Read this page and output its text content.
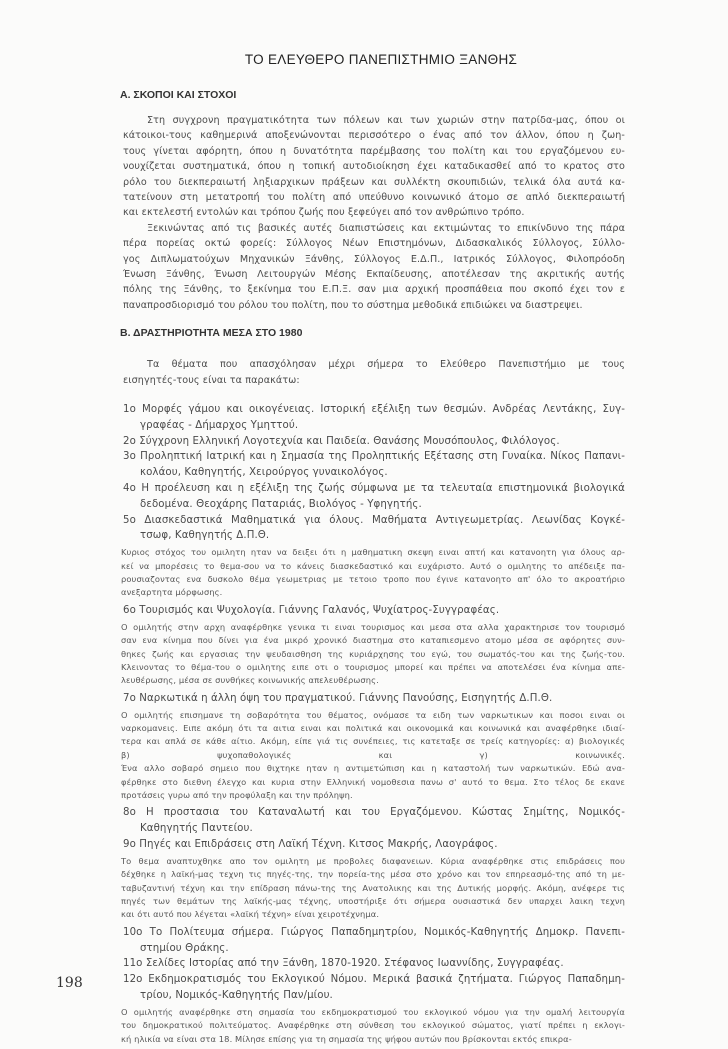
ΤΟ ΕΛΕΥΘΕΡΟ ΠΑΝΕΠΙΣΤΗΜΙΟ ΞΑΝΘΗΣ
Α. ΣΚΟΠΟΙ ΚΑΙ ΣΤΟΧΟΙ
Στη συγχρονη πραγματικότητα των πόλεων και των χωριών στην πατρίδα-μας, όπου οι
κάτοικοι-τους καθημερινά αποξενώνονται περισσότερο ο ένας από τον άλλον, όπου η ζωη-
τους γίνεται αφόρητη, όπου η δυνατότητα παρέμβασης του πολίτη και του εργαζόμενου ευ-
νουχίζεται συστηματικά, όπου η τοπική αυτοδιοίκηση έχει καταδικασθεί από το κρατος στο
ρόλο του διεκπεραιωτή ληξιαρχικων πράξεων και συλλέκτη σκουπιδιών, τελικά όλα αυτά κα-
τατείνουν στη μετατροπή του πολίτη από υπεύθυνο κοινωνικό άτομο σε απλό διεκπεραιωτή
και εκτελεστή εντολών και τρόπου ζωής που ξεφεύγει από τον ανθρώπινο τρόπο.
Ξεκινώντας από τις βασικές αυτές διαπιστώσεις και εκτιμώντας το επικίνδυνο της πάρα
πέρα πορείας οκτώ φορείς: Σύλλογος Νέων Επιστημόνων, Διδασκαλικός Σύλλογος, Σύλλο-
γος Διπλωματούχων Μηχανικών Ξάνθης, Σύλλογος Ε.Δ.Π., Ιατρικός Σύλλογος, Φιλοπρόοδη
Ένωση Ξάνθης, Ένωση Λειτουργών Μέσης Εκπαίδευσης, αποτέλεσαν της ακριτικής αυτής
πόλης της Ξάνθης, το ξεκίνημα του Ε.Π.Ξ. σαν μια αρχική προσπάθεια που σκοπό έχει τον ε
παναπροσδιορισμό του ρόλου του πολίτη, που το σύστημα μεθοδικά επιδιώκει να διαστρεψει.
Β. ΔΡΑΣΤΗΡΙΟΤΗΤΑ ΜΕΣΑ ΣΤΟ 1980
Τα θέματα που απασχόλησαν μέχρι σήμερα το Ελεύθερο Πανεπιστήμιο με τους
εισηγητές-τους είναι τα παρακάτω:
1ο Μορφές γάμου και οικογένειας. Ιστορική εξέλιξη των θεσμών. Ανδρέας Λεντάκης, Συγ-
γραφέας - Δήμαρχος Υμηττού.
2ο Σύγχρονη Ελληνική Λογοτεχνία και Παιδεία. Θανάσης Μουσόπουλος, Φιλόλογος.
3ο Προληπτική Ιατρική και η Σημασία της Προληπτικής Εξέτασης στη Γυναίκα. Νίκος Παπανι-
κολάου, Καθηγητής, Χειρούργος γυναικολόγος.
4ο Η προέλευση και η εξέλιξη της ζωής σύμφωνα με τα τελευταία επιστημονικά βιολογικά
δεδομένα. Θεοχάρης Παταριάς, Βιολόγος - Υφηγητής.
5ο Διασκεδαστικά Μαθηματικά για όλους. Μαθήματα Αντιγεωμετρίας. Λεωνίδας Κογκέ-
τσωφ, Καθηγητής Δ.Π.Θ.
Κυριος στόχος του ομιλητη ηταν να δειξει ότι η μαθηματικη σκεψη ειναι απτή και κατανοητη για όλους αρ-
κεί να μπορέσεις το θεμα-σου να το κάνεις διασκεδαστικό και ευχάριστο. Αυτό ο ομιλητης το απέδειξε πα-
ρουσιαζοντας ενα δυσκολο θέμα γεωμετριας με τετοιο τροπο που έγινε κατανοητο απ' όλο το ακροατήριο
ανεξαρτητα μόρφωσης.
6ο Τουρισμός και Ψυχολογία. Γιάννης Γαλανός, Ψυχίατρος-Συγγραφέας.
Ο ομιλητής στην αρχη αναφέρθηκε γενικα τι ειναι τουρισμος και μεσα στα αλλα χαρακτηρισε τον τουρισμό
σαν ενα κίνημα που δίνει για ένα μικρό χρονικό διαστημα στο καταπιεσμενο ατομο μέσα σε αφόρητες συν-
θηκες ζωής και εργασιας την ψευδαισθηση της κυριάρχησης του εγώ, του σωματός-του και της ζωής-του.
Κλεινοντας το θέμα-του ο ομιλητης ειπε οτι ο τουρισμος μπορεί και πρέπει να αποτελέσει ένα κίνημα απε-
λευθέρωσης, μέσα σε συνθήκες κοινωνικής απελευθέρωσης.
7ο Ναρκωτικά η άλλη όψη του πραγματικού. Γιάννης Πανούσης, Εισηγητής Δ.Π.Θ.
Ο ομιλητής επισημανε τη σοβαρότητα του θέματος, ονόμασε τα ειδη των ναρκωτικων και ποσοι ειναι οι
ναρκομανεις. Ειπε ακόμη ότι τα αιτια ειναι και πολιτικά και οικονομικά και κοινωνικά και αναφέρθηκε ιδιαί-
τερα και απλά σε κάθε αίτιο. Ακόμη, είπε γιά τις συνέπειες, τις κατεταξε σε τρείς κατηγορίες: α) βιολογικές
β) ψυχοπαθολογικές και γ) κοινωνικές.
Ένα αλλο σοβαρό σημειο που θιχτηκε ηταν η αντιμετώπιση και η καταστολή των ναρκωτικών. Εδώ ανα-
φέρθηκε στο διεθνη έλεγχο και κυρια στην Ελληνική νομοθεσια πανω σ' αυτό το θεμα. Στο τέλος δε εκανε
προτάσεις γυρω από την προφύλαξη και την πρόληψη.
8ο Η προστασια του Καταναλωτή και του Εργαζόμενου. Κώστας Σημίτης, Νομικός-
Καθηγητής Παντείου.
9ο Πηγές και Επιδράσεις στη Λαϊκή Τέχνη. Κιτσος Μακρής, Λαογράφος.
Το θεμα αναπτυχθηκε απο τον ομιλητη με προβολες διαφανειων. Κύρια αναφέρθηκε στις επιδράσεις που
δέχθηκε η λαϊκή-μας τεχνη τις πηγές-της, την πορεία-της μέσα στο χρόνο και τον επηρεασμό-της από τη με-
ταβυζαντινή τέχνη και την επίδραση πάνω-της της Ανατολικης και της Δυτικής μορφής. Ακόμη, ανέφερε τις
πηγές των θεμάτων της λαϊκής-μας τέχνης, υποστήριξε ότι σήμερα ουσιαστικά δεν υπαρχει λαικη τεχνη
και ότι αυτό που λέγεται «λαϊκή τέχνη» είναι χειροτέχνημα.
10ο Το Πολίτευμα σήμερα. Γιώργος Παπαδημητρίου, Νομικός-Καθηγητής Δημοκρ. Πανεπι-
στημίου Θράκης.
11ο Σελίδες Ιστορίας από την Ξάνθη, 1870-1920. Στέφανος Ιωαννίδης, Συγγραφέας.
12ο Εκδημοκρατισμός του Εκλογικού Νόμου. Μερικά βασικά ζητήματα. Γιώργος Παπαδημη-
τρίου, Νομικός-Καθηγητής Παν/μίου.
Ο ομιλητής αναφέρθηκε στη σημασία του εκδημοκρατισμού του εκλογικού νόμου για την ομαλή λειτουργία
του δημοκρατικού πολιτεύματος. Αναφέρθηκε στη σύνθεση του εκλογικού σώματος, γιατί πρέπει η εκλογι-
κή ηλικία να είναι στα 18. Μίλησε επίσης για τη σημασία της ψήφου αυτών που βρίσκονται εκτός επικρα-
198
